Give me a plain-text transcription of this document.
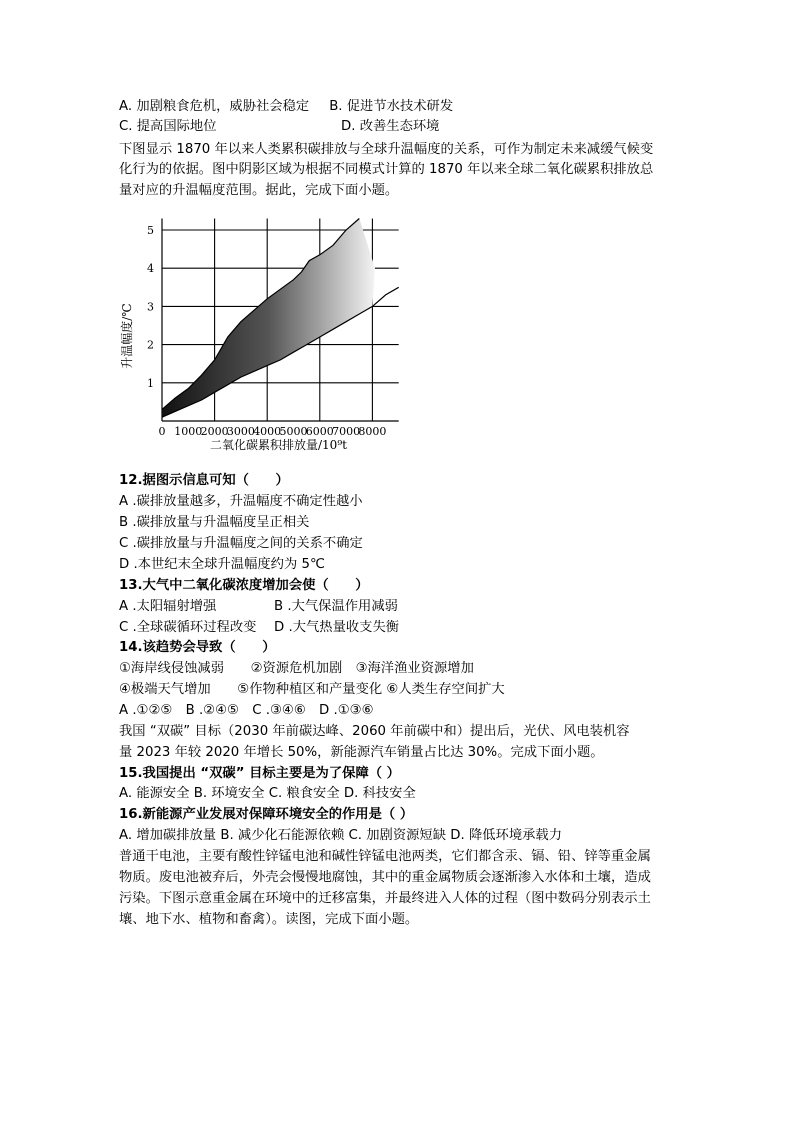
A. 加剧粮食危机，威胁社会稳定 B. 促进节水技术研发
C. 提高国际地位	D. 改善生态环境
下图显示 1870 年以来人类累积碳排放与全球升温幅度的关系，可作为制定未来减缓气候变
化行为的依据。图中阴影区域为根据不同模式计算的 1870 年以来全球二氧化碳累积排放总
量对应的升温幅度范围。据此，完成下面小题。
0 1000
2000
3000
4000
5000
6000
7000
8000
1
2
3
4
5
二氧化碳累积排放量/10⁹t
升温幅度/℃
12.据图示信息可知（　　）
A .碳排放量越多，升温幅度不确定性越小
B .碳排放量与升温幅度呈正相关
C .碳排放量与升温幅度之间的关系不确定
D .本世纪末全球升温幅度约为 5℃
13.大气中二氧化碳浓度增加会使（　　）
A .太阳辐射增强	B .大气保温作用减弱
C .全球碳循环过程改变 D .大气热量收支失衡
14.该趋势会导致（　　）
①海岸线侵蚀减弱　　②资源危机加剧　③海洋渔业资源增加
④极端天气增加　　⑤作物种植区和产量变化 ⑥人类生存空间扩大
A .①②⑤　B .②④⑤　C .③④⑥　D .①③⑥
我国 “双碳” 目标（2030 年前碳达峰、2060 年前碳中和）提出后，光伏、风电装机容
量 2023 年较 2020 年增长 50%，新能源汽车销量占比达 30%。完成下面小题。
15.我国提出 “双碳” 目标主要是为了保障（ ）
A. 能源安全 B. 环境安全 C. 粮食安全 D. 科技安全
16.新能源产业发展对保障环境安全的作用是（ ）
A. 增加碳排放量 B. 减少化石能源依赖 C. 加剧资源短缺 D. 降低环境承载力
普通干电池，主要有酸性锌锰电池和碱性锌锰电池两类，它们都含汞、镉、铅、锌等重金属
物质。废电池被弃后，外壳会慢慢地腐蚀，其中的重金属物质会逐渐渗入水体和土壤，造成
污染。下图示意重金属在环境中的迁移富集，并最终进入人体的过程（图中数码分别表示土
壤、地下水、植物和畜禽）。读图，完成下面小题。
